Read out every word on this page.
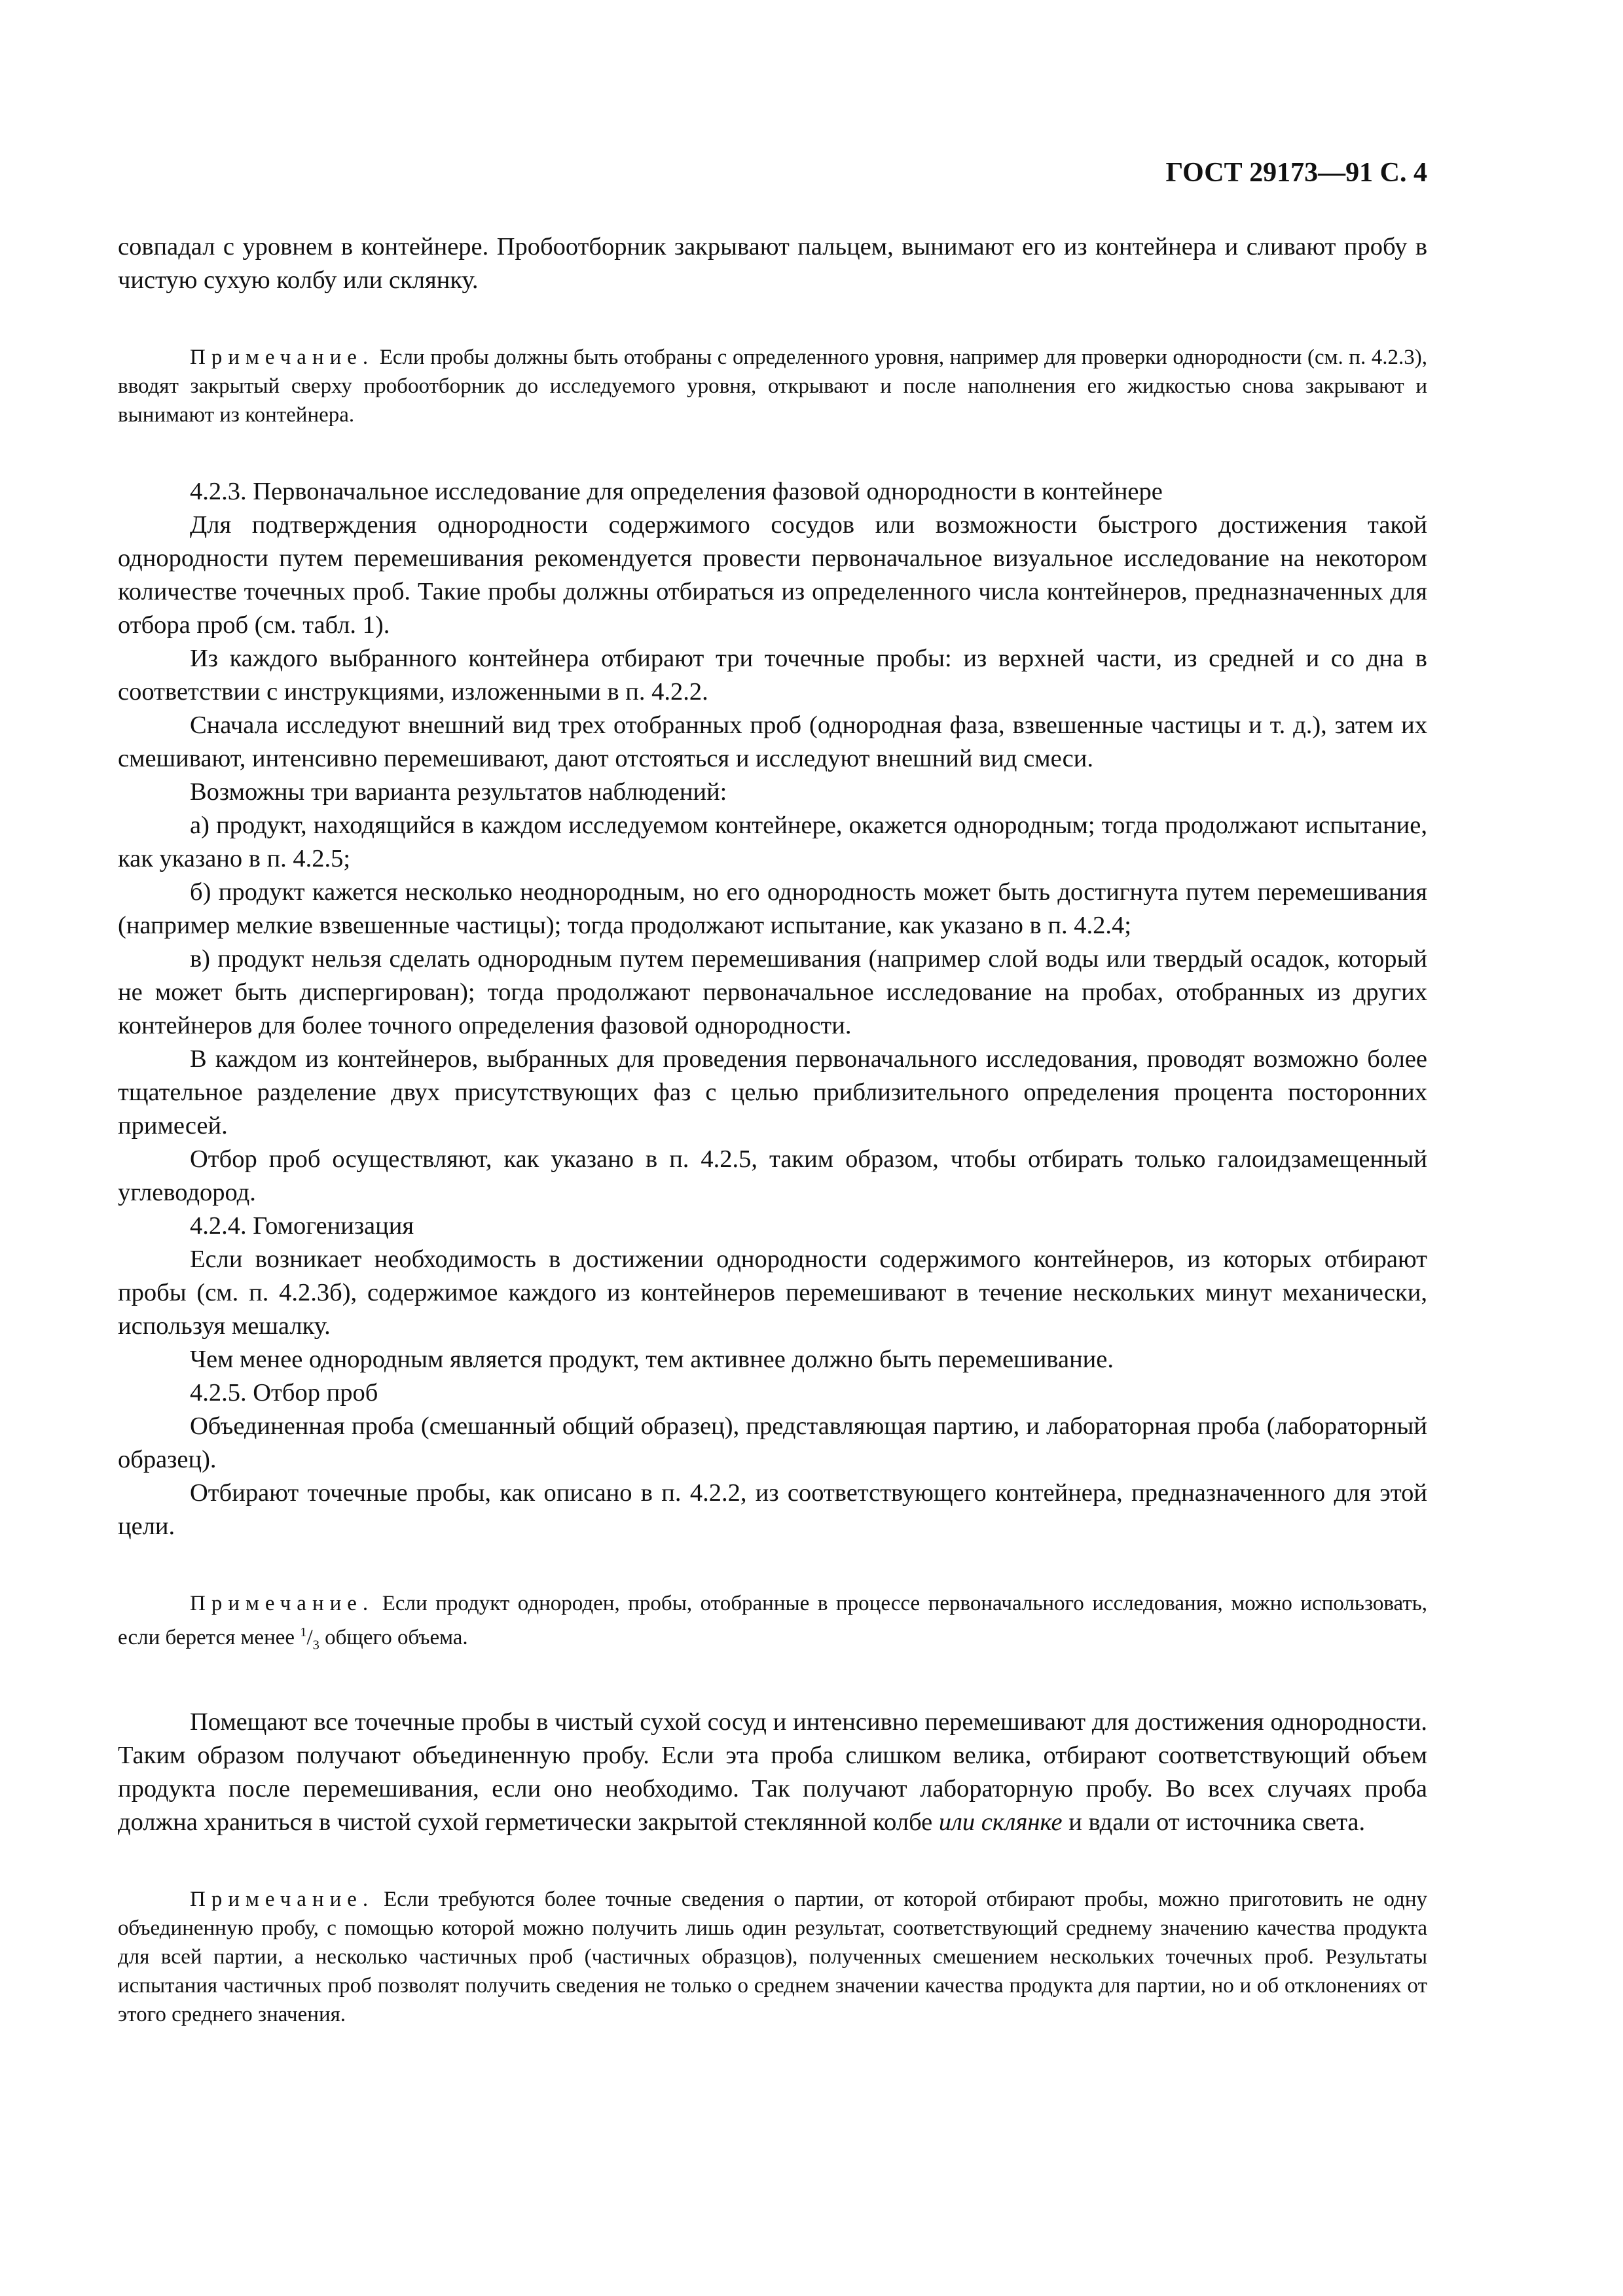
ГОСТ 29173—91 С. 4

совпадал с уровнем в контейнере. Пробоотборник закрывают пальцем, вынимают его из контейнера и сливают пробу в чистую сухую колбу или склянку.

Примечание. Если пробы должны быть отобраны с определенного уровня, например для проверки однородности (см. п. 4.2.3), вводят закрытый сверху пробоотборник до исследуемого уровня, открывают и после наполнения его жидкостью снова закрывают и вынимают из контейнера.

4.2.3. Первоначальное исследование для определения фазовой однородности в контейнере

Для подтверждения однородности содержимого сосудов или возможности быстрого достижения такой однородности путем перемешивания рекомендуется провести первоначальное визуальное исследование на некотором количестве точечных проб. Такие пробы должны отбираться из определенного числа контейнеров, предназначенных для отбора проб (см. табл. 1).

Из каждого выбранного контейнера отбирают три точечные пробы: из верхней части, из средней и со дна в соответствии с инструкциями, изложенными в п. 4.2.2.

Сначала исследуют внешний вид трех отобранных проб (однородная фаза, взвешенные частицы и т. д.), затем их смешивают, интенсивно перемешивают, дают отстояться и исследуют внешний вид смеси.

Возможны три варианта результатов наблюдений:

а) продукт, находящийся в каждом исследуемом контейнере, окажется однородным; тогда продолжают испытание, как указано в п. 4.2.5;

б) продукт кажется несколько неоднородным, но его однородность может быть достигнута путем перемешивания (например мелкие взвешенные частицы); тогда продолжают испытание, как указано в п. 4.2.4;

в) продукт нельзя сделать однородным путем перемешивания (например слой воды или твердый осадок, который не может быть диспергирован); тогда продолжают первоначальное исследование на пробах, отобранных из других контейнеров для более точного определения фазовой однородности.

В каждом из контейнеров, выбранных для проведения первоначального исследования, проводят возможно более тщательное разделение двух присутствующих фаз с целью приблизительного определения процента посторонних примесей.

Отбор проб осуществляют, как указано в п. 4.2.5, таким образом, чтобы отбирать только галоидзамещенный углеводород.

4.2.4. Гомогенизация

Если возникает необходимость в достижении однородности содержимого контейнеров, из которых отбирают пробы (см. п. 4.2.3б), содержимое каждого из контейнеров перемешивают в течение нескольких минут механически, используя мешалку.

Чем менее однородным является продукт, тем активнее должно быть перемешивание.

4.2.5. Отбор проб

Объединенная проба (смешанный общий образец), представляющая партию, и лабораторная проба (лабораторный образец).

Отбирают точечные пробы, как описано в п. 4.2.2, из соответствующего контейнера, предназначенного для этой цели.

Примечание. Если продукт однороден, пробы, отобранные в процессе первоначального исследования, можно использовать, если берется менее $^1/_3$ общего объема.

Помещают все точечные пробы в чистый сухой сосуд и интенсивно перемешивают для достижения однородности. Таким образом получают объединенную пробу. Если эта проба слишком велика, отбирают соответствующий объем продукта после перемешивания, если оно необходимо. Так получают лабораторную пробу. Во всех случаях проба должна храниться в чистой сухой герметически закрытой стеклянной колбе или склянке и вдали от источника света.

Примечание. Если требуются более точные сведения о партии, от которой отбирают пробы, можно приготовить не одну объединенную пробу, с помощью которой можно получить лишь один результат, соответствующий среднему значению качества продукта для всей партии, а несколько частичных проб (частичных образцов), полученных смешением нескольких точечных проб. Результаты испытания частичных проб позволят получить сведения не только о среднем значении качества продукта для партии, но и об отклонениях от этого среднего значения.
